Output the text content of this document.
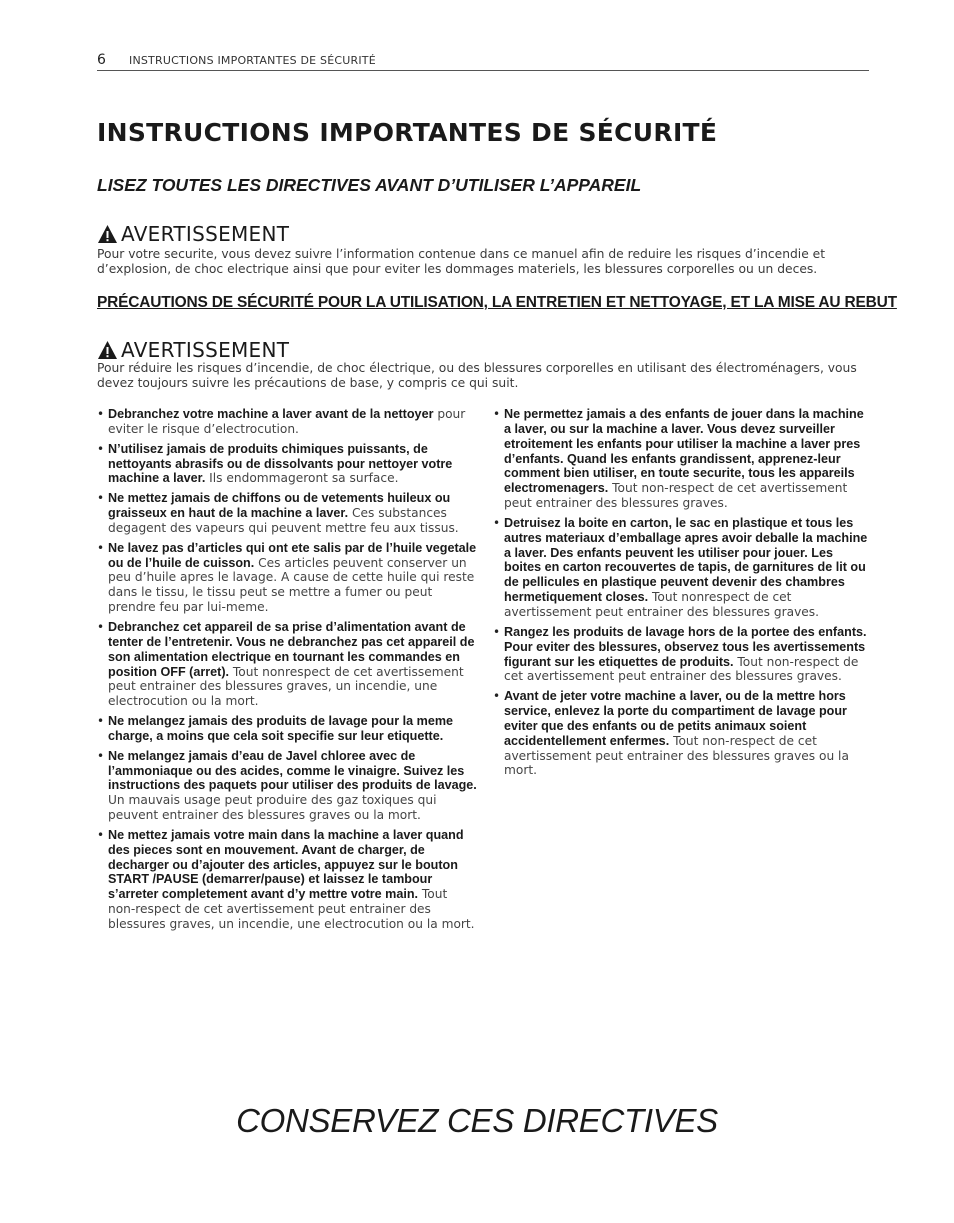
6 INSTRUCTIONS IMPORTANTES DE SÉCURITÉ
INSTRUCTIONS IMPORTANTES DE SÉCURITÉ
LISEZ TOUTES LES DIRECTIVES AVANT D’UTILISER L’APPAREIL
AVERTISSEMENT

Pour votre securite, vous devez suivre l’information contenue dans ce manuel afin de reduire les risques d’incendie et d’explosion, de choc electrique ainsi que pour eviter les dommages materiels, les blessures corporelles ou un deces.

PRÉCAUTIONS DE SÉCURITÉ POUR LA UTILISATION, LA ENTRETIEN ET NETTOYAGE, ET LA MISE AU REBUT

AVERTISSEMENT

Pour réduire les risques d’incendie, de choc électrique, ou des blessures corporelles en utilisant des électroménagers, vous devez toujours suivre les précautions de base, y compris ce qui suit.

• Debranchez votre machine a laver avant de la nettoyer pour eviter le risque d’electrocution.
• N’utilisez jamais de produits chimiques puissants, de nettoyants abrasifs ou de dissolvants pour nettoyer votre machine a laver. Ils endommageront sa surface.
• Ne mettez jamais de chiffons ou de vetements huileux ou graisseux en haut de la machine a laver. Ces substances degagent des vapeurs qui peuvent mettre feu aux tissus.
• Ne lavez pas d’articles qui ont ete salis par de l’huile vegetale ou de l’huile de cuisson. Ces articles peuvent conserver un peu d’huile apres le lavage. A cause de cette huile qui reste dans le tissu, le tissu peut se mettre a fumer ou peut prendre feu par lui-meme.
• Debranchez cet appareil de sa prise d’alimentation avant de tenter de l’entretenir. Vous ne debranchez pas cet appareil de son alimentation electrique en tournant les commandes en position OFF (arret). Tout nonrespect de cet avertissement peut entrainer des blessures graves, un incendie, une electrocution ou la mort.
• Ne melangez jamais des produits de lavage pour la meme charge, a moins que cela soit specifie sur leur etiquette.
• Ne melangez jamais d’eau de Javel chloree avec de l’ammoniaque ou des acides, comme le vinaigre. Suivez les instructions des paquets pour utiliser des produits de lavage. Un mauvais usage peut produire des gaz toxiques qui peuvent entrainer des blessures graves ou la mort.
• Ne mettez jamais votre main dans la machine a laver quand des pieces sont en mouvement. Avant de charger, de decharger ou d’ajouter des articles, appuyez sur le bouton START /PAUSE (demarrer/pause) et laissez le tambour s’arreter completement avant d’y mettre votre main. Tout non-respect de cet avertissement peut entrainer des blessures graves, un incendie, une electrocution ou la mort.
• Ne permettez jamais a des enfants de jouer dans la machine a laver, ou sur la machine a laver. Vous devez surveiller etroitement les enfants pour utiliser la machine a laver pres d’enfants. Quand les enfants grandissent, apprenez-leur comment bien utiliser, en toute securite, tous les appareils electromenagers. Tout non-respect de cet avertissement peut entrainer des blessures graves.
• Detruisez la boite en carton, le sac en plastique et tous les autres materiaux d’emballage apres avoir deballe la machine a laver. Des enfants peuvent les utiliser pour jouer. Les boites en carton recouvertes de tapis, de garnitures de lit ou de pellicules en plastique peuvent devenir des chambres hermetiquement closes. Tout nonrespect de cet avertissement peut entrainer des blessures graves.
• Rangez les produits de lavage hors de la portee des enfants. Pour eviter des blessures, observez tous les avertissements figurant sur les etiquettes de produits. Tout non-respect de cet avertissement peut entrainer des blessures graves.
• Avant de jeter votre machine a laver, ou de la mettre hors service, enlevez la porte du compartiment de lavage pour eviter que des enfants ou de petits animaux soient accidentellement enfermes. Tout non-respect de cet avertissement peut entrainer des blessures graves ou la mort.

CONSERVEZ CES DIRECTIVES
